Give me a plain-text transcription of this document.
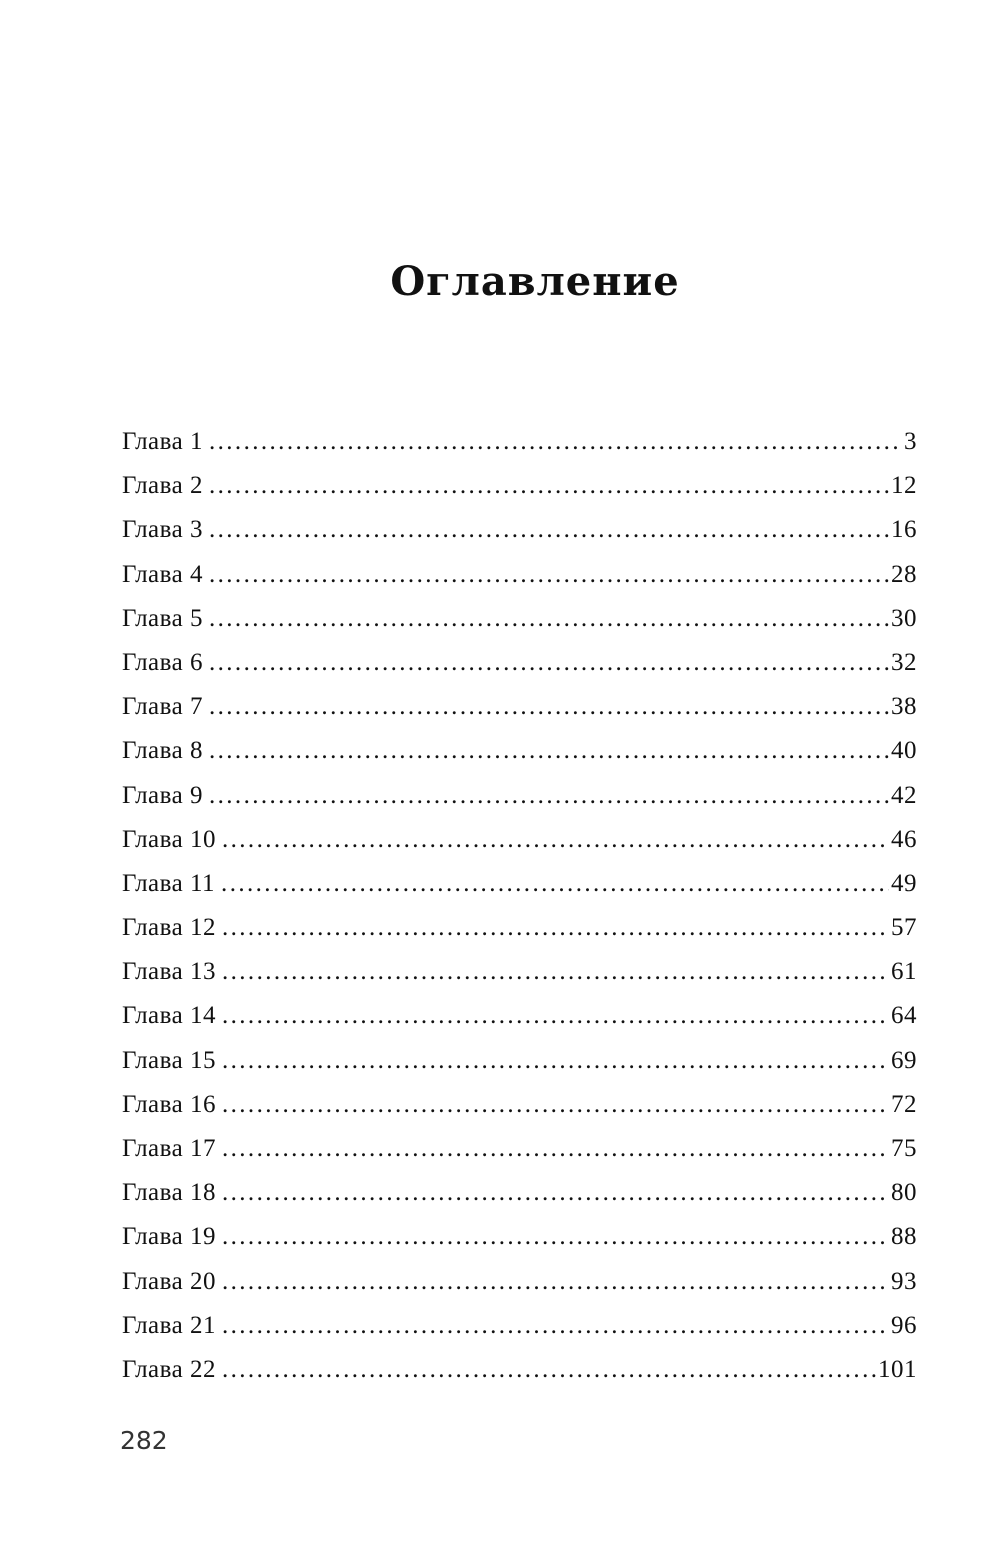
Оглавление
Глава 1 .....	3
Глава 2 .....	12
Глава 3 .....	16
Глава 4 .....	28
Глава 5 .....	30
Глава 6 .....	32
Глава 7 .....	38
Глава 8 .....	40
Глава 9 .....	42
Глава 10 .....	46
Глава 11 .....	49
Глава 12 .....	57
Глава 13 .....	61
Глава 14 .....	64
Глава 15 .....	69
Глава 16 .....	72
Глава 17 .....	75
Глава 18 .....	80
Глава 19 .....	88
Глава 20 .....	93
Глава 21 .....	96
Глава 22 .....	101
282
